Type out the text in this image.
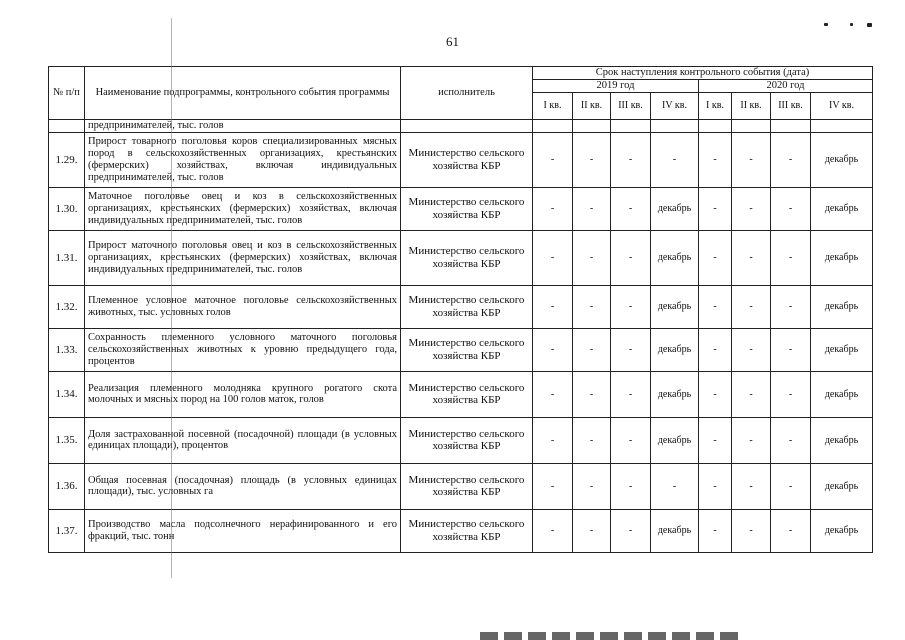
61
№ п/п	Наименование подпрограммы, контрольного события программы	исполнитель	Срок наступления контрольного события (дата)							
			2019 год				2020 год			
			I кв.	II кв.	III кв.	IV кв.	I кв.	II кв.	III кв.	IV кв.
	предпринимателей, тыс. голов									
1.29.	Прирост товарного поголовья коров специализированных мясных пород в сельскохозяйственных организациях, крестьянских (фермерских) хозяйствах, включая индивидуальных предпринимателей, тыс. голов	Министерство сельского хозяйства КБР	-	-	-	-	-	-	-	декабрь
1.30.	Маточное поголовье овец и коз в сельскохозяйственных организациях, крестьянских (фермерских) хозяйствах, включая индивидуальных предпринимателей, тыс. голов	Министерство сельского хозяйства КБР	-	-	-	декабрь	-	-	-	декабрь
1.31.	Прирост маточного поголовья овец и коз в сельскохозяйственных организациях, крестьянских (фермерских) хозяйствах, включая индивидуальных предпринимателей, тыс. голов	Министерство сельского хозяйства КБР	-	-	-	декабрь	-	-	-	декабрь
1.32.	Племенное условное маточное поголовье сельскохозяйственных животных, тыс. условных голов	Министерство сельского хозяйства КБР	-	-	-	декабрь	-	-	-	декабрь
1.33.	Сохранность племенного условного маточного поголовья сельскохозяйственных животных к уровню предыдущего года, процентов	Министерство сельского хозяйства КБР	-	-	-	декабрь	-	-	-	декабрь
1.34.	Реализация племенного молодняка крупного рогатого скота молочных и мясных пород на 100 голов маток, голов	Министерство сельского хозяйства КБР	-	-	-	декабрь	-	-	-	декабрь
1.35.	Доля застрахованной посевной (посадочной) площади (в условных единицах площади), процентов	Министерство сельского хозяйства КБР	-	-	-	декабрь	-	-	-	декабрь
1.36.	Общая посевная (посадочная) площадь (в условных единицах площади), тыс. условных га	Министерство сельского хозяйства КБР	-	-	-	-	-	-	-	декабрь
1.37.	Производство масла подсолнечного нерафинированного и его фракций, тыс. тонн	Министерство сельского хозяйства КБР	-	-	-	декабрь	-	-	-	декабрь
